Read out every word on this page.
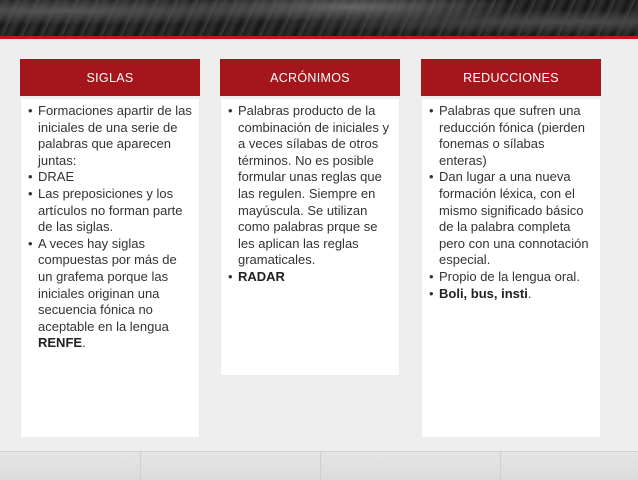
SIGLAS
• Formaciones apartir de las iniciales de una serie de palabras que aparecen juntas:
• DRAE
• Las preposiciones y los artículos no forman parte de las siglas.
• A veces hay siglas compuestas por más de un grafema porque las iniciales originan una secuencia fónica no aceptable en la lengua RENFE.
ACRÓNIMOS
• Palabras producto de la combinación de iniciales y a veces sílabas de otros términos. No es posible formular unas reglas que las regulen. Siempre en mayúscula. Se utilizan como palabras prque se les aplican las reglas gramaticales.
• RADAR
REDUCCIONES
• Palabras que sufren una reducción fónica (pierden fonemas o sílabas enteras)
• Dan lugar a una nueva formación léxica, con el mismo significado básico de la palabra completa pero con una connotación especial.
• Propio de la lengua oral.
• Boli, bus, insti.
